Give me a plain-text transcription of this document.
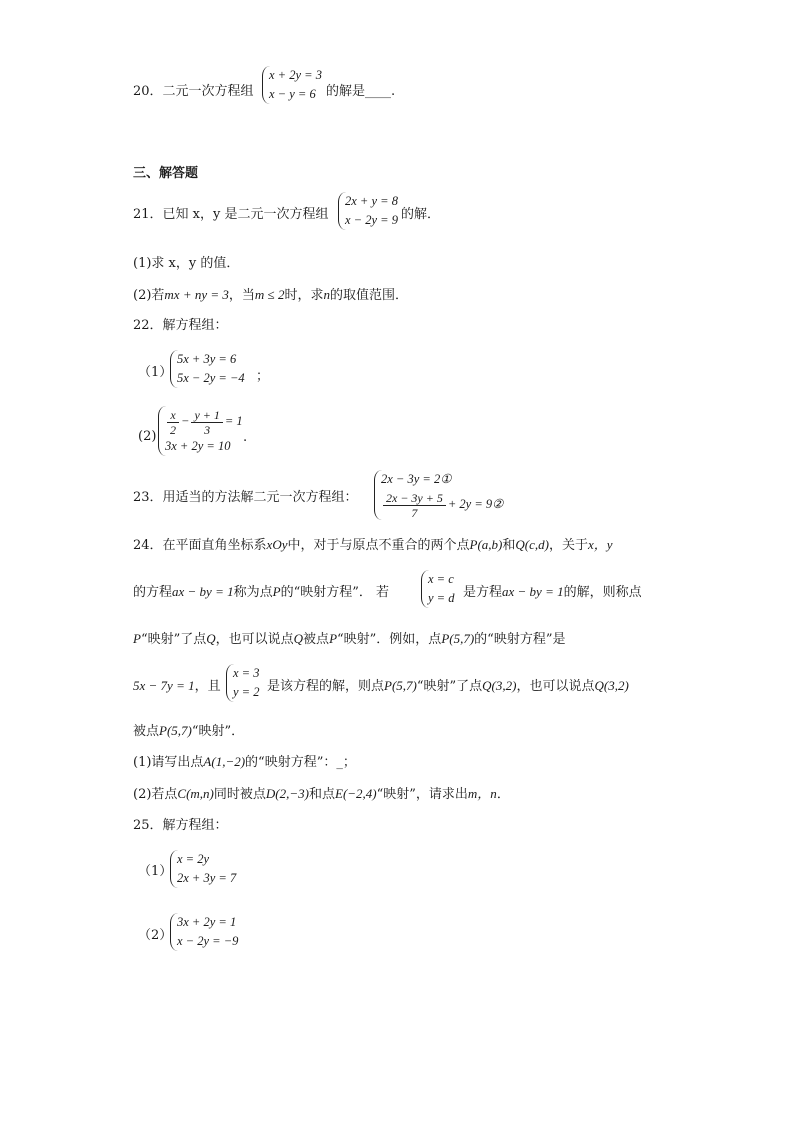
20．二元一次方程组
x + 2y = 3
x − y = 6 的解是____.
三、解答题
21．已知 x，y 是二元一次方程组
2x + y = 8
x − 2y = 9 的解．
(1)求 x，y 的值．
(2)若mx + ny = 3，当m ≤ 2时，求n的取值范围．
22．解方程组：
（1）
5x + 3y = 6
5x − 2y = −4 ；
$(2) \frac{x}{2} - \frac{y + 1}{3} = 1$
3x + 2y = 10
.
23．用适当的方法解二元一次方程组：
2x − 3y = 2①
$\frac{2x - 3y + 5}{7} + 2y$ = 9②
24．在平面直角坐标系xOy中，对于与原点不重合的两个点P(a,b)和Q(c,d)，关于x，y
的方程ax − by = 1称为点P的“映射方程”． 若
x = c
y = d 是方程ax − by = 1的解，则称点
P“映射”了点Q，也可以说点Q被点P“映射”．例如，点P(5,7)的“映射方程”是
5x − 7y = 1，且
x = 3
y = 2 是该方程的解，则点P(5,7)“映射”了点Q(3,2)，也可以说点Q(3,2)
被点P(5,7)“映射”．
(1)请写出点A(1,−2)的“映射方程”：_；
(2)若点C(m,n)同时被点D(2,−3)和点E(−2,4)“映射”，请求出m，n．
25．解方程组：
（1）
x = 2y
2x + 3y = 7
（2）
3x + 2y = 1
x − 2y = −9
